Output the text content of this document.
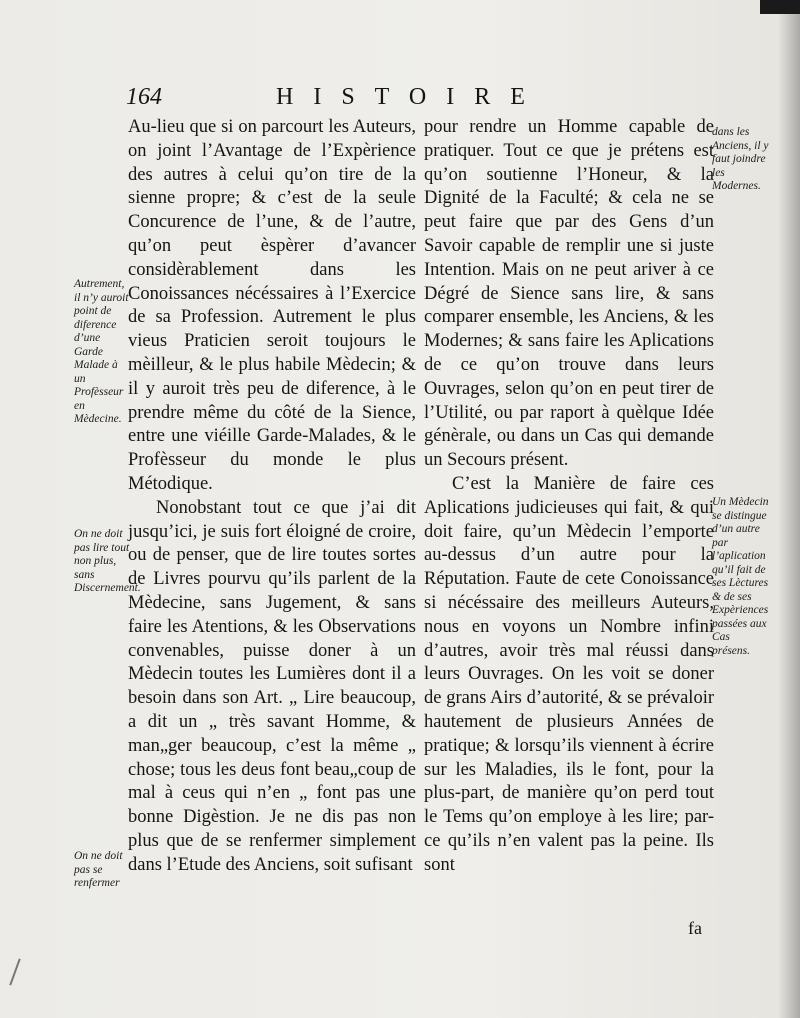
164	HISTOIRE

Au-lieu que si on parcourt les Auteurs, on joint l’Avantage de l’Expèrience des autres à celui qu’on tire de la sienne propre; & c’est de la seule Concurence de l’une, & de l’autre, qu’on peut èspèrer d’avancer considèrablement dans les Conoissances nécéssaires à l’Exercice de sa Profession. Autrement le plus vieus Praticien seroit toujours le mèilleur, & le plus habile Mèdecin; & il y auroit très peu de diference, à le prendre même du côté de la Sience, entre une viéille Garde-Malades, & le Profèsseur du monde le plus Métodique.

Nonobstant tout ce que j’ai dit jusqu’ici, je suis fort éloigné de croire, ou de penser, que de lire toutes sortes de Livres pourvu qu’ils parlent de la Mèdecine, sans Jugement, & sans faire les Atentions, & les Observations convenables, puisse doner à un Mèdecin toutes les Lumières dont il a besoin dans son Art. „ Lire beaucoup, a dit un „ très savant Homme, & man„ger beaucoup, c’est la même „ chose; tous les deus font beau„coup de mal à ceus qui n’en „ font pas une bonne Digèstion. Je ne dis pas non plus que de se renfermer simplement dans l’Etude des Anciens, soit sufisant

pour rendre un Homme capable de pratiquer. Tout ce que je prétens est qu’on soutienne l’Honeur, & la Dignité de la Faculté; & cela ne se peut faire que par des Gens d’un Savoir capable de remplir une si juste Intention. Mais on ne peut ariver à ce Dégré de Sience sans lire, & sans comparer ensemble, les Anciens, & les Modernes; & sans faire les Aplications de ce qu’on trouve dans leurs Ouvrages, selon qu’on en peut tirer de l’Utilité, ou par raport à quèlque Idée génèrale, ou dans un Cas qui demande un Secours présent.

C’est la Manière de faire ces Aplications judicieuses qui fait, & qui doit faire, qu’un Mèdecin l’emporte au-dessus d’un autre pour la Réputation. Faute de cete Conoissance si nécéssaire des meilleurs Auteurs, nous en voyons un Nombre infini d’autres, avoir très mal réussi dans leurs Ouvrages. On les voit se doner de grans Airs d’autorité, & se prévaloir hautement de plusieurs Années de pratique; & lorsqu’ils viennent à écrire sur les Maladies, ils le font, pour la plus-part, de manière qu’on perd tout le Tems qu’on employe à les lire; par-ce qu’ils n’en valent pas la peine. Ils sont

Autrement, il n’y auroit point de diference d’une Garde Malade à un Profèsseur en Mèdecine.
On ne doit pas lire tout non plus, sans Discernement.
On ne doit pas se renfermer
dans les Anciens, il y faut joindre les Modernes.
Un Mèdecin se distingue d’un autre par l’aplication qu’il fait de ses Lèctures & de ses Expèriences passées aux Cas présens.
fa
